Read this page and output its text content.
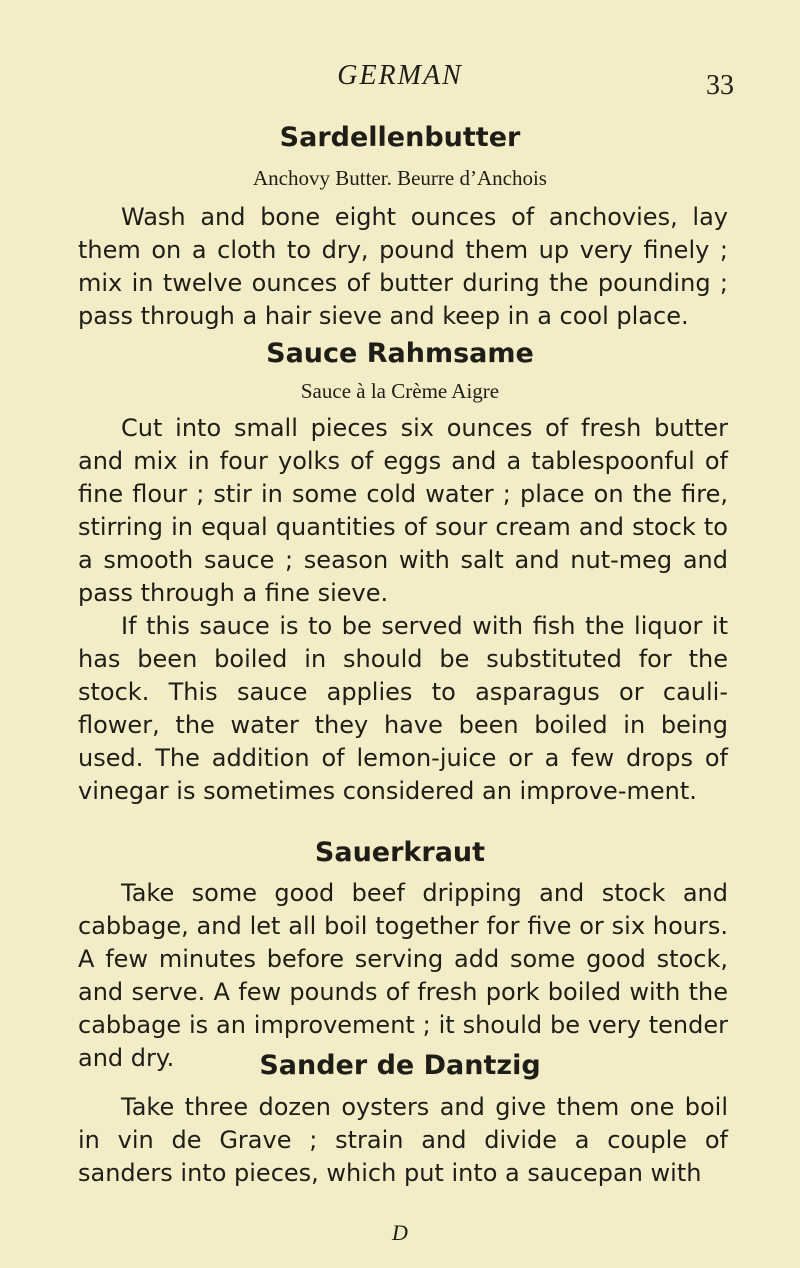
GERMAN	33
Sardellenbutter
Anchovy Butter. Beurre d’Anchois

Wash and bone eight ounces of anchovies, lay them on a cloth to dry, pound them up very finely ; mix in twelve ounces of butter during the pounding ; pass through a hair sieve and keep in a cool place.

Sauce Rahmsame
Sauce à la Crème Aigre

Cut into small pieces six ounces of fresh butter and mix in four yolks of eggs and a tablespoonful of fine flour ; stir in some cold water ; place on the fire, stirring in equal quantities of sour cream and stock to a smooth sauce ; season with salt and nut-meg and pass through a fine sieve.

If this sauce is to be served with fish the liquor it has been boiled in should be substituted for the stock. This sauce applies to asparagus or cauli-flower, the water they have been boiled in being used. The addition of lemon-juice or a few drops of vinegar is sometimes considered an improve-ment.

Sauerkraut

Take some good beef dripping and stock and cabbage, and let all boil together for five or six hours. A few minutes before serving add some good stock, and serve. A few pounds of fresh pork boiled with the cabbage is an improvement ; it should be very tender and dry.	Sander de Dantzig

Take three dozen oysters and give them one boil in vin de Grave ; strain and divide a couple of sanders into pieces, which put into a saucepan with

D
